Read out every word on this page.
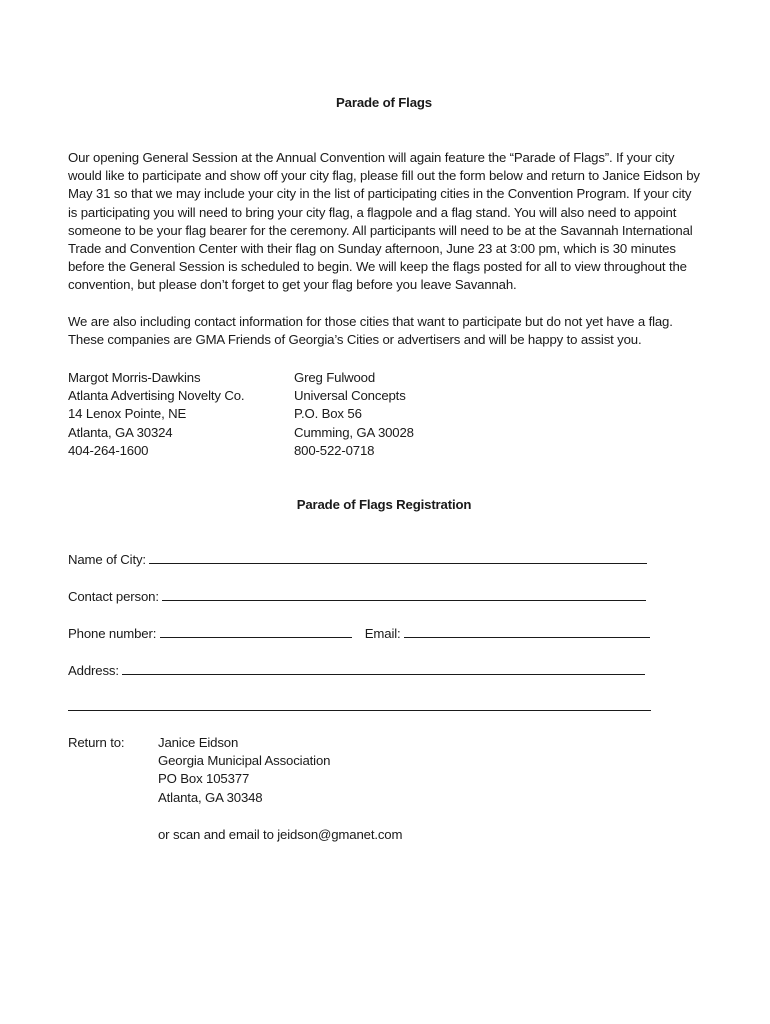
Parade of Flags

Our opening General Session at the Annual Convention will again feature the “Parade of Flags”. If your city would like to participate and show off your city flag, please fill out the form below and return to Janice Eidson by May 31 so that we may include your city in the list of participating cities in the Convention Program. If your city is participating you will need to bring your city flag, a flagpole and a flag stand. You will also need to appoint someone to be your flag bearer for the ceremony. All participants will need to be at the Savannah International Trade and Convention Center with their flag on Sunday afternoon, June 23 at 3:00 pm, which is 30 minutes before the General Session is scheduled to begin. We will keep the flags posted for all to view throughout the convention, but please don’t forget to get your flag before you leave Savannah.

We are also including contact information for those cities that want to participate but do not yet have a flag. These companies are GMA Friends of Georgia’s Cities or advertisers and will be happy to assist you.

Margot Morris-Dawkins
Atlanta Advertising Novelty Co.
14 Lenox Pointe, NE
Atlanta, GA 30324
404-264-1600
Greg Fulwood
Universal Concepts
P.O. Box 56
Cumming, GA 30028
800-522-0718
Parade of Flags Registration
Name of City:
Contact person:
Phone number:	Email:
Address:
Return to:	Janice Eidson
Georgia Municipal Association
PO Box 105377
Atlanta, GA 30348
or scan and email to jeidson@gmanet.com
